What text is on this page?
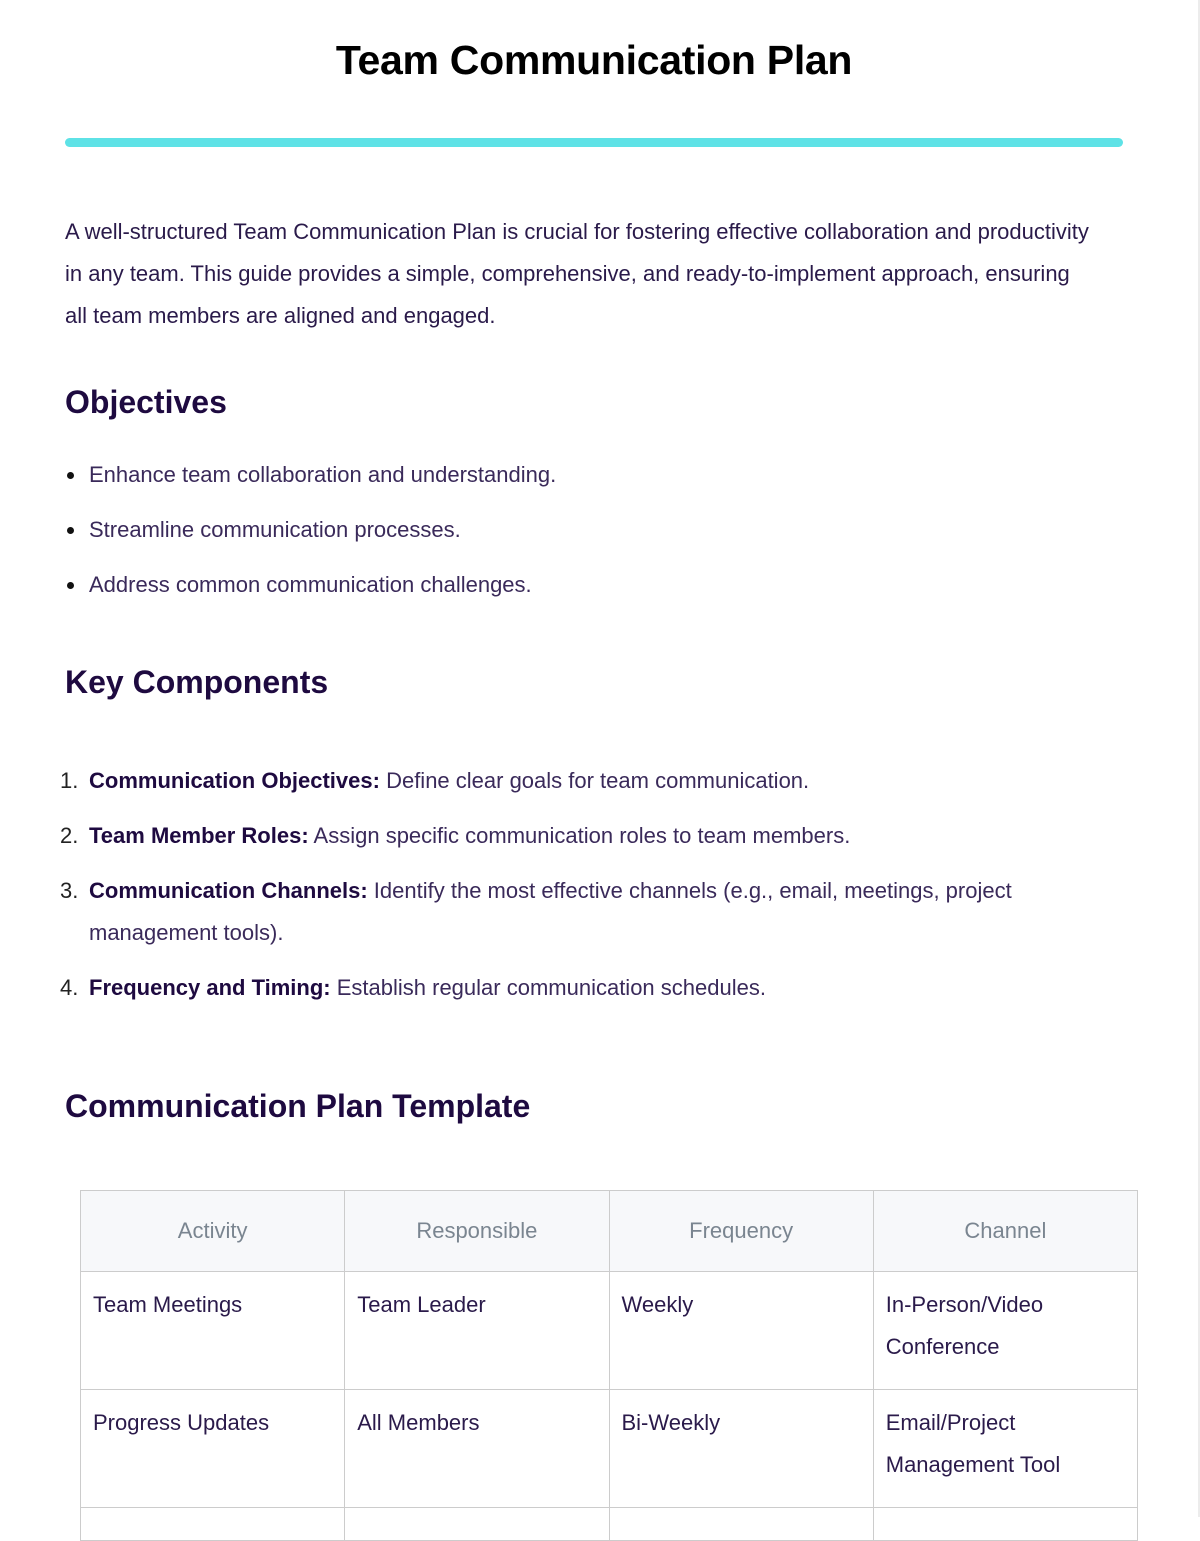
Team Communication Plan

A well-structured Team Communication Plan is crucial for fostering effective collaboration and productivity in any team. This guide provides a simple, comprehensive, and ready-to-implement approach, ensuring all team members are aligned and engaged.

Objectives
Enhance team collaboration and understanding.
Streamline communication processes.
Address common communication challenges.
Key Components
1. Communication Objectives: Define clear goals for team communication.
2. Team Member Roles: Assign specific communication roles to team members.
3. Communication Channels: Identify the most effective channels (e.g., email, meetings, project management tools).
4. Frequency and Timing: Establish regular communication schedules.
Communication Plan Template
Activity	Responsible	Frequency	Channel
Team Meetings	Team Leader	Weekly	In-Person/Video Conference
Progress Updates	All Members	Bi-Weekly	Email/Project Management Tool
